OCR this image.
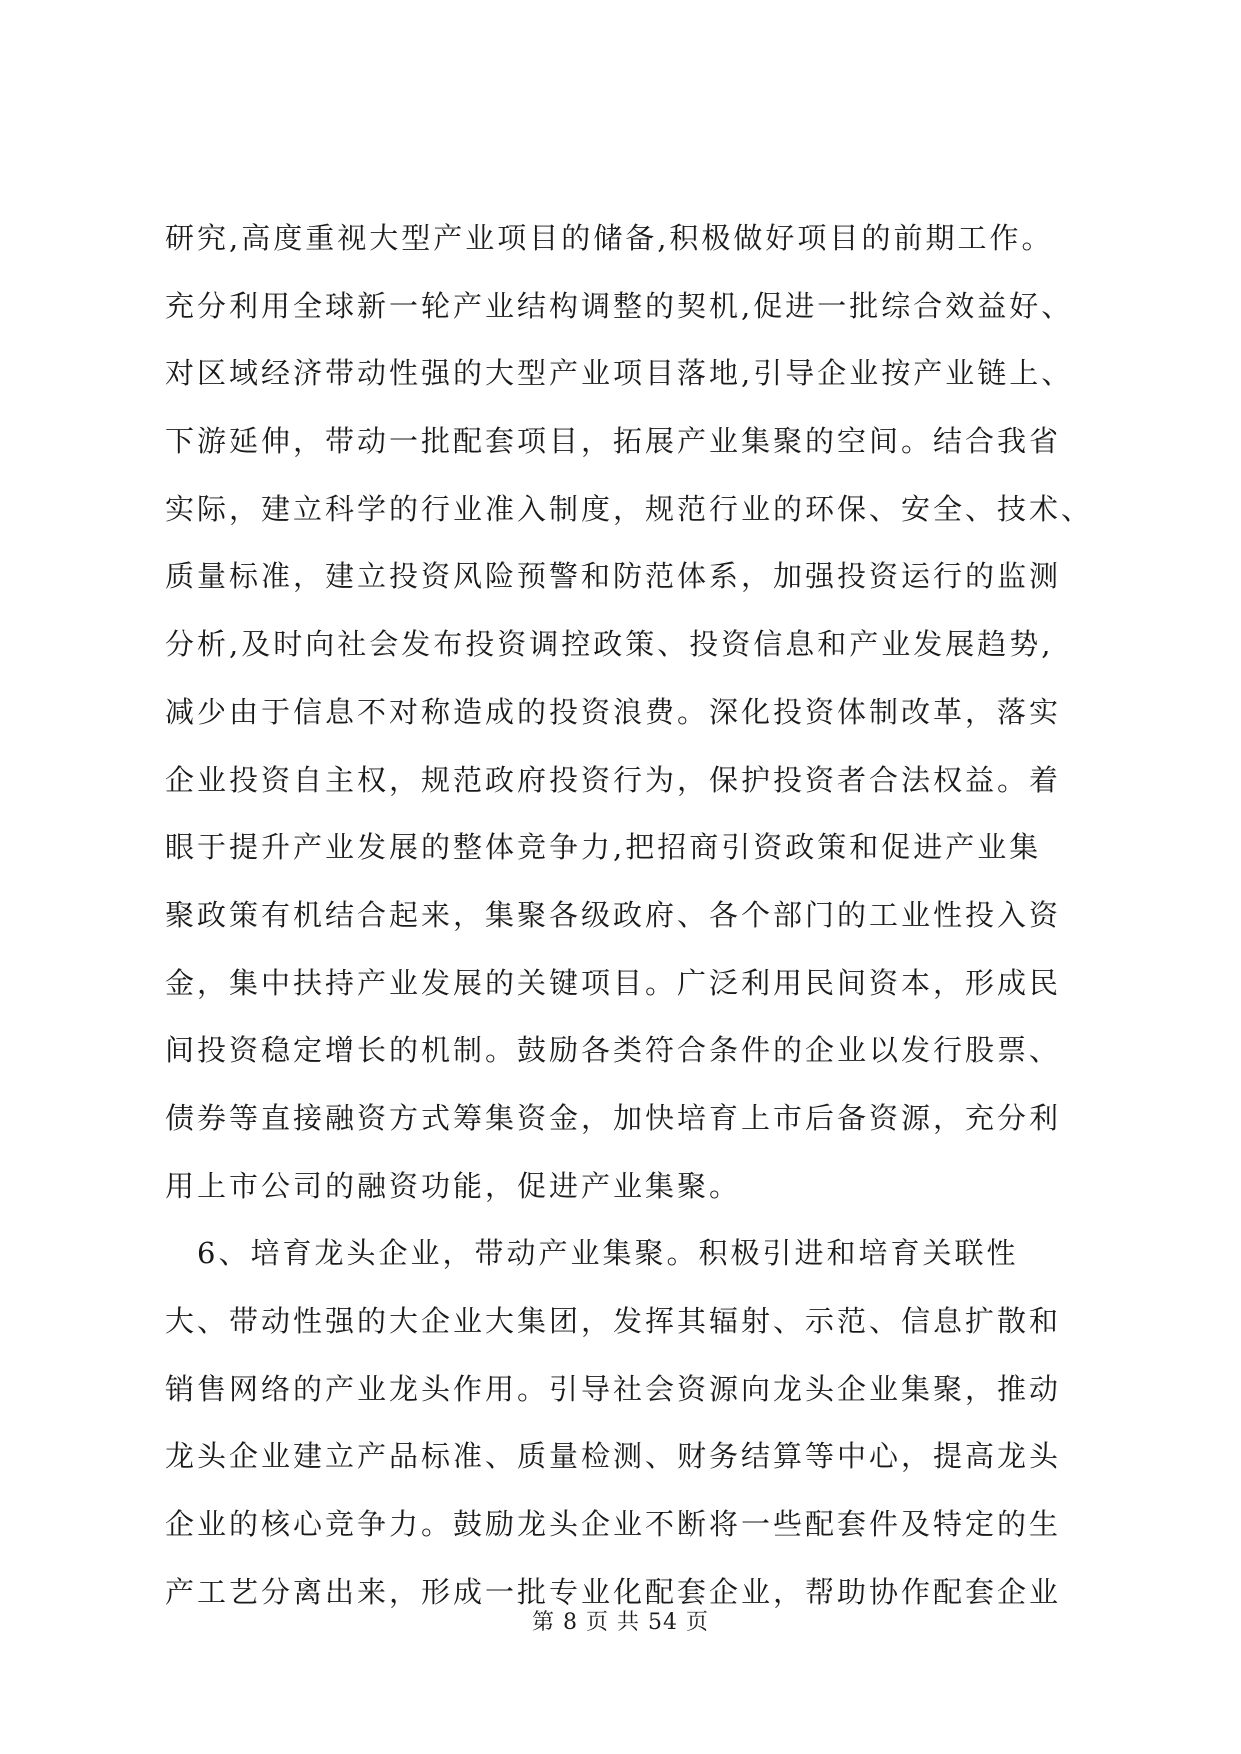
研究,高度重视大型产业项目的储备,积极做好项目的前期工作。
充分利用全球新一轮产业结构调整的契机,促进一批综合效益好、
对区域经济带动性强的大型产业项目落地,引导企业按产业链上、
下游延伸，带动一批配套项目，拓展产业集聚的空间。结合我省
实际，建立科学的行业准入制度，规范行业的环保、安全、技术、
质量标准，建立投资风险预警和防范体系，加强投资运行的监测
分析,及时向社会发布投资调控政策、投资信息和产业发展趋势,
减少由于信息不对称造成的投资浪费。深化投资体制改革，落实
企业投资自主权，规范政府投资行为，保护投资者合法权益。着
眼于提升产业发展的整体竞争力,把招商引资政策和促进产业集
聚政策有机结合起来，集聚各级政府、各个部门的工业性投入资
金，集中扶持产业发展的关键项目。广泛利用民间资本，形成民
间投资稳定增长的机制。鼓励各类符合条件的企业以发行股票、
债券等直接融资方式筹集资金，加快培育上市后备资源，充分利
用上市公司的融资功能，促进产业集聚。
　6、培育龙头企业，带动产业集聚。积极引进和培育关联性
大、带动性强的大企业大集团，发挥其辐射、示范、信息扩散和
销售网络的产业龙头作用。引导社会资源向龙头企业集聚，推动
龙头企业建立产品标准、质量检测、财务结算等中心，提高龙头
企业的核心竞争力。鼓励龙头企业不断将一些配套件及特定的生
产工艺分离出来，形成一批专业化配套企业，帮助协作配套企业
第 8 页 共 54 页
